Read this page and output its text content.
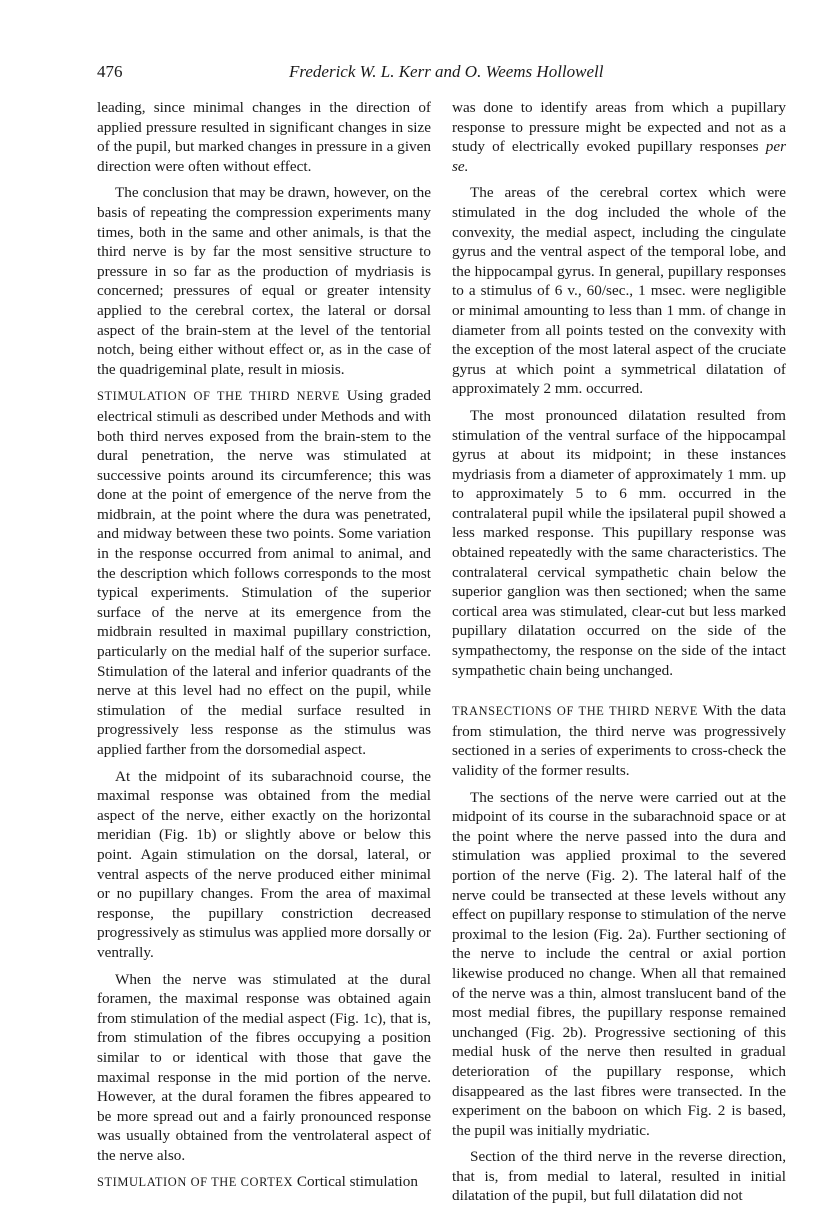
476	Frederick W. L. Kerr and O. Weems Hollowell

leading, since minimal changes in the direction of applied pressure resulted in significant changes in size of the pupil, but marked changes in pressure in a given direction were often without effect.

The conclusion that may be drawn, however, on the basis of repeating the compression experiments many times, both in the same and other animals, is that the third nerve is by far the most sensitive structure to pressure in so far as the production of mydriasis is concerned; pressures of equal or greater intensity applied to the cerebral cortex, the lateral or dorsal aspect of the brain-stem at the level of the tentorial notch, being either without effect or, as in the case of the quadrigeminal plate, result in miosis.

STIMULATION OF THE THIRD NERVE Using graded electrical stimuli as described under Methods and with both third nerves exposed from the brain-stem to the dural penetration, the nerve was stimulated at successive points around its circumference; this was done at the point of emergence of the nerve from the midbrain, at the point where the dura was penetrated, and midway between these two points. Some variation in the response occurred from animal to animal, and the description which follows corresponds to the most typical experiments. Stimulation of the superior surface of the nerve at its emergence from the midbrain resulted in maximal pupillary constriction, particularly on the medial half of the superior surface. Stimulation of the lateral and inferior quadrants of the nerve at this level had no effect on the pupil, while stimulation of the medial surface resulted in progressively less response as the stimulus was applied farther from the dorsomedial aspect.

At the midpoint of its subarachnoid course, the maximal response was obtained from the medial aspect of the nerve, either exactly on the horizontal meridian (Fig. 1b) or slightly above or below this point. Again stimulation on the dorsal, lateral, or ventral aspects of the nerve produced either minimal or no pupillary changes. From the area of maximal response, the pupillary constriction decreased progressively as stimulus was applied more dorsally or ventrally.

When the nerve was stimulated at the dural foramen, the maximal response was obtained again from stimulation of the medial aspect (Fig. 1c), that is, from stimulation of the fibres occupying a position similar to or identical with those that gave the maximal response in the mid portion of the nerve. However, at the dural foramen the fibres appeared to be more spread out and a fairly pronounced response was usually obtained from the ventrolateral aspect of the nerve also.

STIMULATION OF THE CORTEX Cortical stimulation

was done to identify areas from which a pupillary response to pressure might be expected and not as a study of electrically evoked pupillary responses per se.

The areas of the cerebral cortex which were stimulated in the dog included the whole of the convexity, the medial aspect, including the cingulate gyrus and the ventral aspect of the temporal lobe, and the hippocampal gyrus. In general, pupillary responses to a stimulus of 6 v., 60/sec., 1 msec. were negligible or minimal amounting to less than 1 mm. of change in diameter from all points tested on the convexity with the exception of the most lateral aspect of the cruciate gyrus at which point a symmetrical dilatation of approximately 2 mm. occurred.

The most pronounced dilatation resulted from stimulation of the ventral surface of the hippocampal gyrus at about its midpoint; in these instances mydriasis from a diameter of approximately 1 mm. up to approximately 5 to 6 mm. occurred in the contralateral pupil while the ipsilateral pupil showed a less marked response. This pupillary response was obtained repeatedly with the same characteristics. The contralateral cervical sympathetic chain below the superior ganglion was then sectioned; when the same cortical area was stimulated, clear-cut but less marked pupillary dilatation occurred on the side of the sympathectomy, the response on the side of the intact sympathetic chain being unchanged.

TRANSECTIONS OF THE THIRD NERVE With the data from stimulation, the third nerve was progressively sectioned in a series of experiments to cross-check the validity of the former results.

The sections of the nerve were carried out at the midpoint of its course in the subarachnoid space or at the point where the nerve passed into the dura and stimulation was applied proximal to the severed portion of the nerve (Fig. 2). The lateral half of the nerve could be transected at these levels without any effect on pupillary response to stimulation of the nerve proximal to the lesion (Fig. 2a). Further sectioning of the nerve to include the central or axial portion likewise produced no change. When all that remained of the nerve was a thin, almost translucent band of the most medial fibres, the pupillary response remained unchanged (Fig. 2b). Progressive sectioning of this medial husk of the nerve then resulted in gradual deterioration of the pupillary response, which disappeared as the last fibres were transected. In the experiment on the baboon on which Fig. 2 is based, the pupil was initially mydriatic.

Section of the third nerve in the reverse direction, that is, from medial to lateral, resulted in initial dilatation of the pupil, but full dilatation did not
